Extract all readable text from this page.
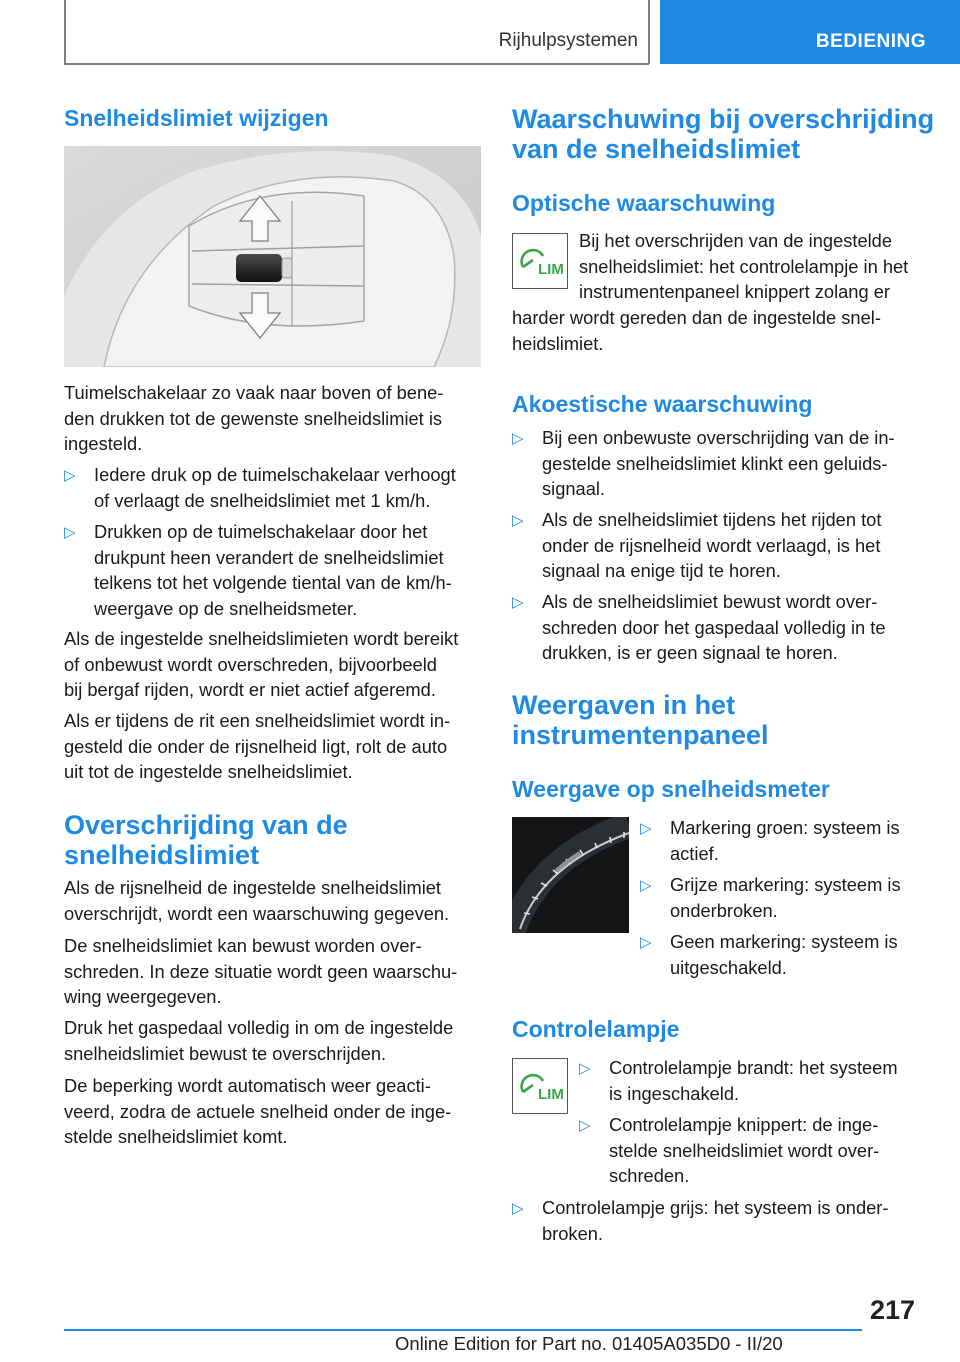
Rijhulpsystemen	BEDIENING
Snelheidslimiet wijzigen
Tuimelschakelaar zo vaak naar boven of bene-
den drukken tot de gewenste snelheidslimiet is
ingesteld.
▷ Iedere druk op de tuimelschakelaar verhoogt
of verlaagt de snelheidslimiet met 1 km/h.
▷ Drukken op de tuimelschakelaar door het
drukpunt heen verandert de snelheidslimiet
telkens tot het volgende tiental van de km/h-
weergave op de snelheidsmeter.
Als de ingestelde snelheidslimieten wordt bereikt
of onbewust wordt overschreden, bijvoorbeeld
bij bergaf rijden, wordt er niet actief afgeremd.
Als er tijdens de rit een snelheidslimiet wordt in-
gesteld die onder de rijsnelheid ligt, rolt de auto
uit tot de ingestelde snelheidslimiet.
Overschrijding van de
snelheidslimiet
Als de rijsnelheid de ingestelde snelheidslimiet
overschrijdt, wordt een waarschuwing gegeven.
De snelheidslimiet kan bewust worden over-
schreden. In deze situatie wordt geen waarschu-
wing weergegeven.
Druk het gaspedaal volledig in om de ingestelde
snelheidslimiet bewust te overschrijden.
De beperking wordt automatisch weer geacti-
veerd, zodra de actuele snelheid onder de inge-
stelde snelheidslimiet komt.
Waarschuwing bij overschrijding
van de snelheidslimiet
Optische waarschuwing
LIM
Bij het overschrijden van de ingestelde
snelheidslimiet: het controlelampje in het
instrumentenpaneel knippert zolang er
harder wordt gereden dan de ingestelde snel-
heidslimiet.
Akoestische waarschuwing
▷ Bij een onbewuste overschrijding van de in-
gestelde snelheidslimiet klinkt een geluids-
signaal.
▷ Als de snelheidslimiet tijdens het rijden tot
onder de rijsnelheid wordt verlaagd, is het
signaal na enige tijd te horen.
▷ Als de snelheidslimiet bewust wordt over-
schreden door het gaspedaal volledig in te
drukken, is er geen signaal te horen.
Weergaven in het
instrumentenpaneel
Weergave op snelheidsmeter
▷ Markering groen: systeem is
actief.
▷ Grijze markering: systeem is
onderbroken.
▷ Geen markering: systeem is
uitgeschakeld.
Controlelampje
LIM
▷ Controlelampje brandt: het systeem
is ingeschakeld.
▷ Controlelampje knippert: de inge-
stelde snelheidslimiet wordt over-
schreden.
▷ Controlelampje grijs: het systeem is onder-
broken.
217
Online Edition for Part no. 01405A035D0 - II/20
